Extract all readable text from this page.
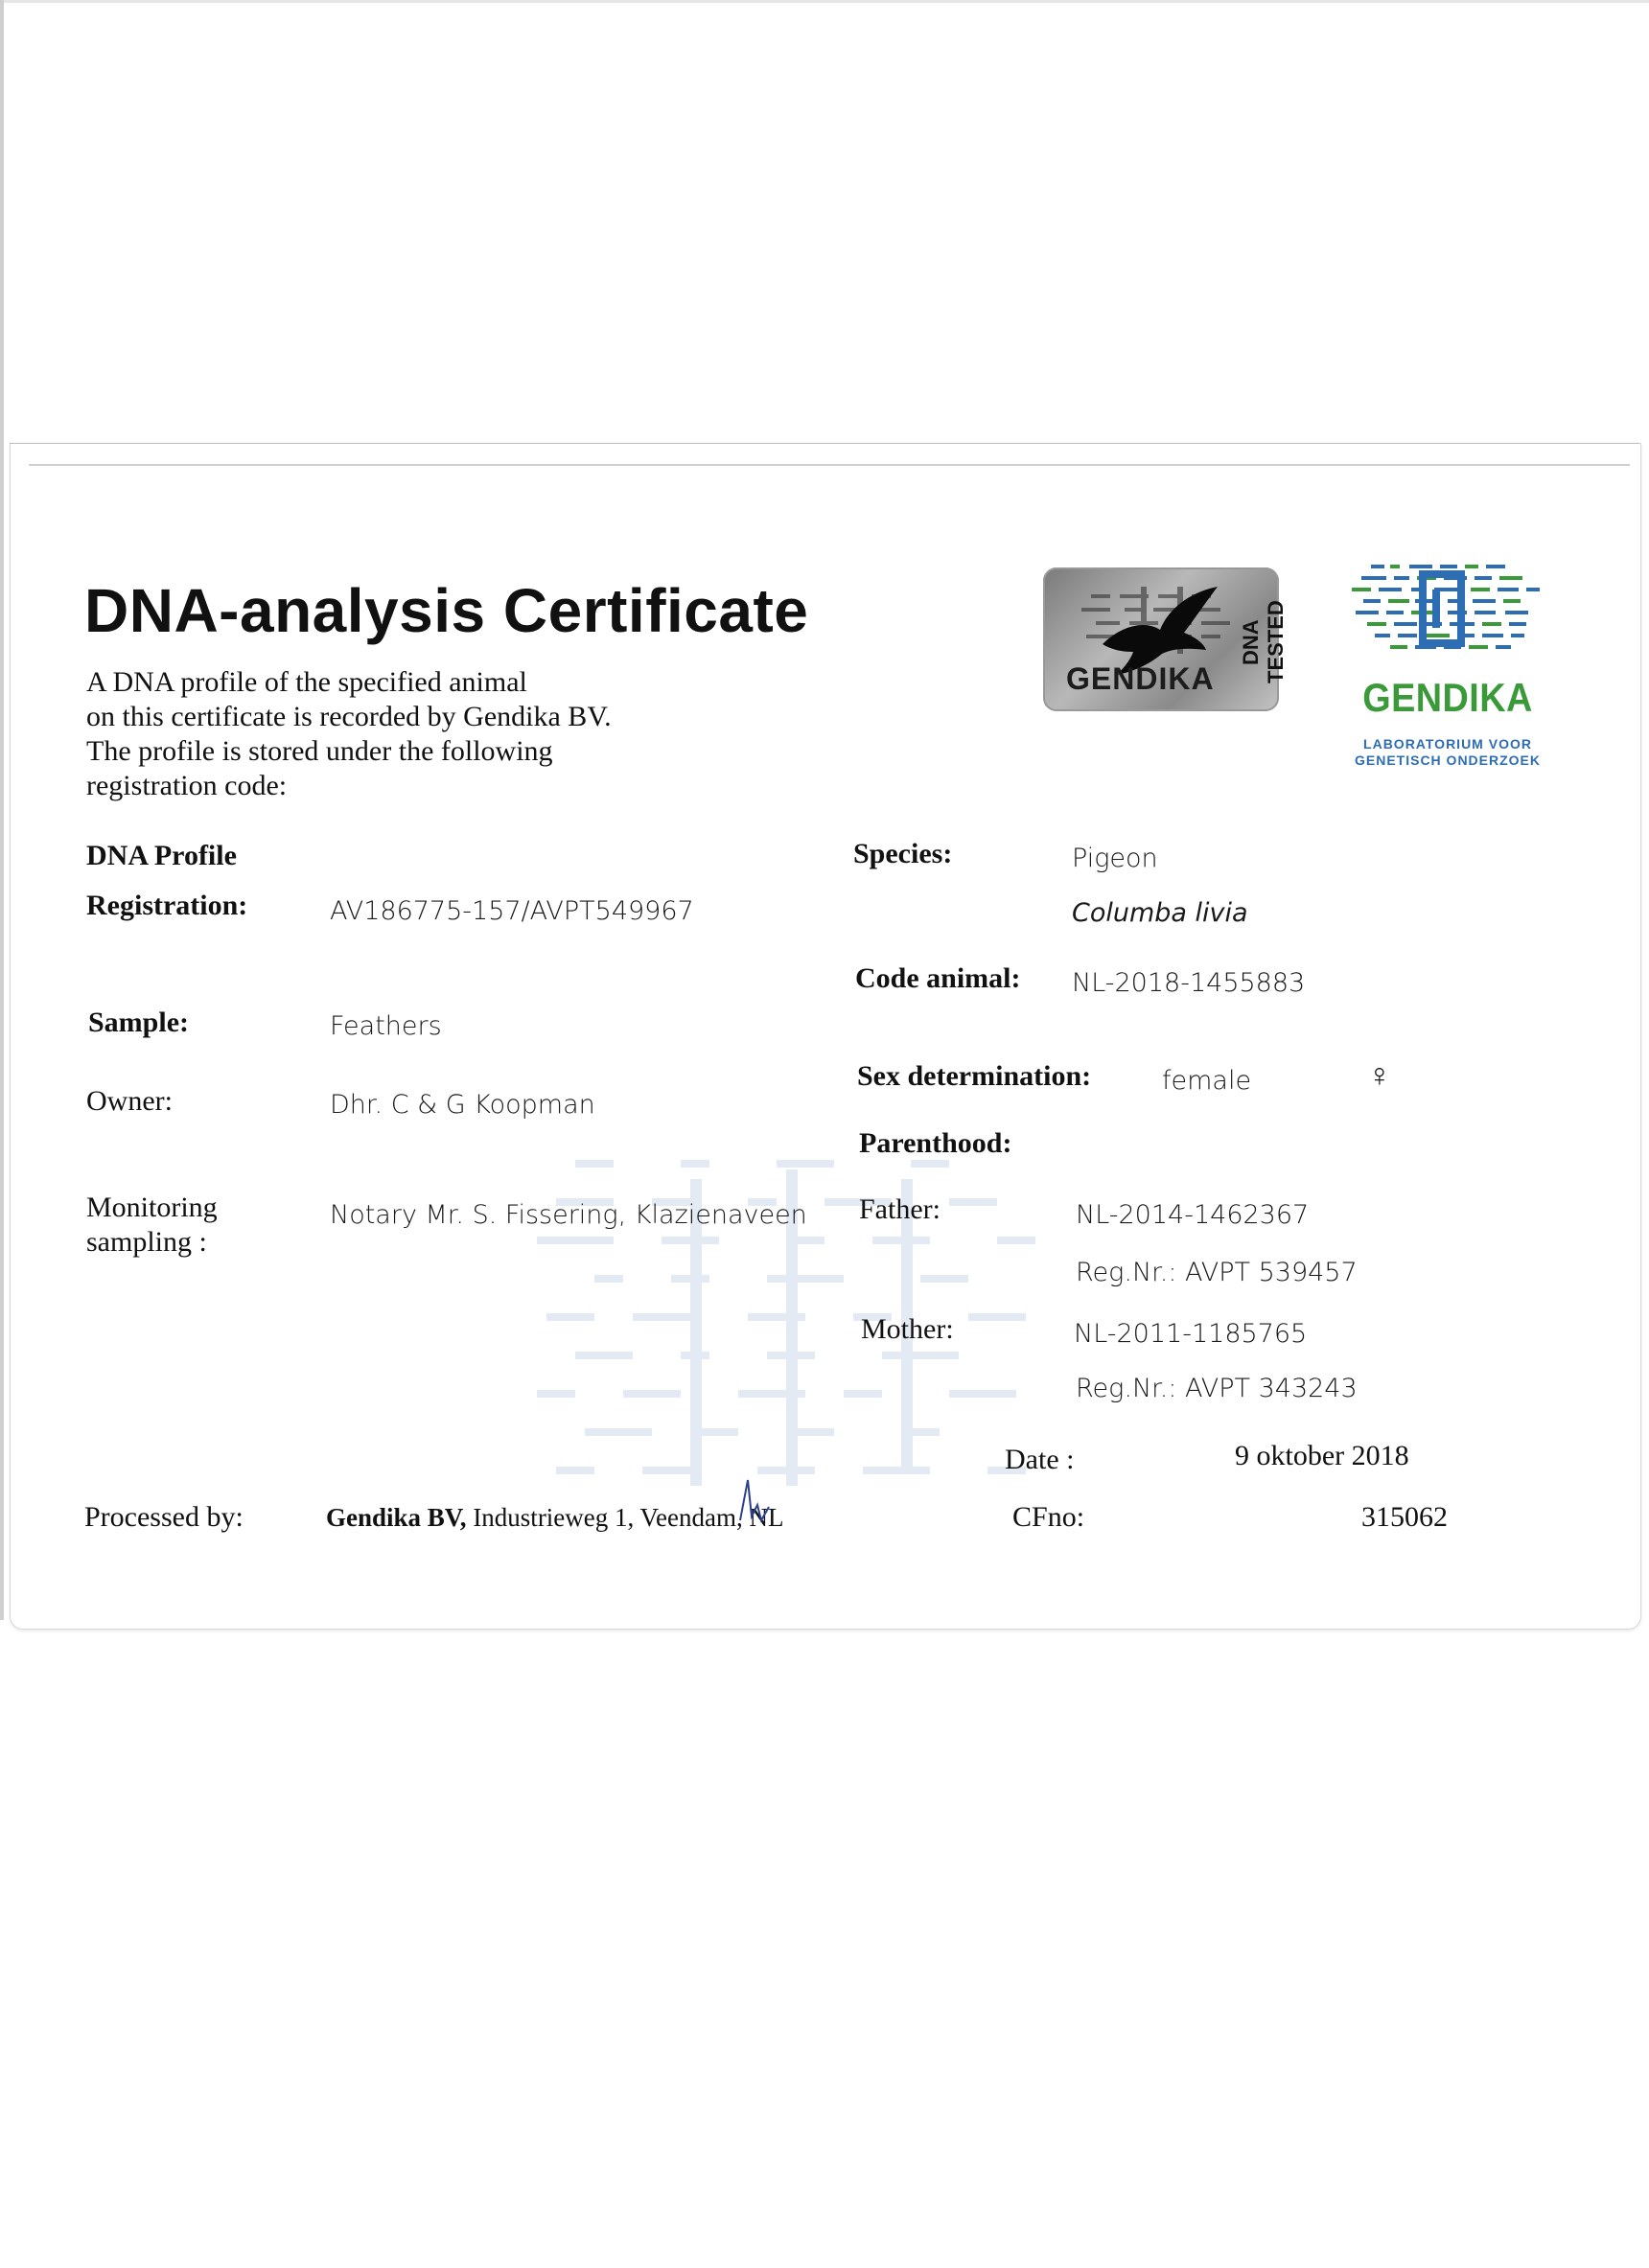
DNA-analysis Certificate
A DNA profile of the specified animal
on this certificate is recorded by Gendika BV.
The profile is stored under the following
registration code:
GENDIKA
DNA TESTED
GENDIKA
LABORATORIUM VOOR
GENETISCH ONDERZOEK
DNA Profile
Registration:	AV186775-157/AVPT549967
Sample:	Feathers
Owner:	Dhr. C & G Koopman
Monitoring
sampling :
Notary Mr. S. Fissering, Klazienaveen
Processed by:	Gendika BV, Industrieweg 1, Veendam, NL
Species:	Pigeon
Columba livia
Code animal: NL-2018-1455883
Sex determination:	female	♀
Parenthood:
Father:	NL-2014-1462367
Reg.Nr.: AVPT 539457
Mother:	NL-2011-1185765
Reg.Nr.: AVPT 343243
Date :	9 oktober 2018
CFno:	315062
